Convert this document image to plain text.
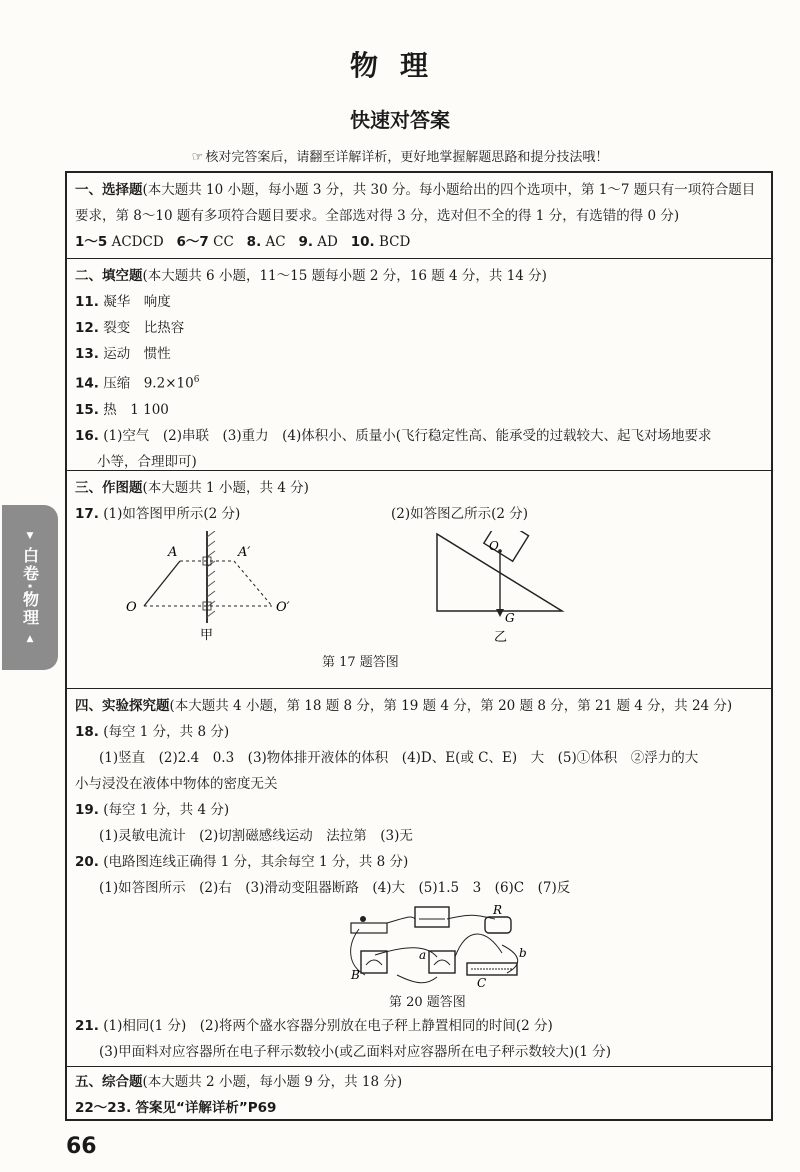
物理
快速对答案
☞ 核对完答案后，请翻至详解详析，更好地掌握解题思路和提分技法哦！
▼
白卷·物理
▲
一、选择题(本大题共 10 小题，每小题 3 分，共 30 分。每小题给出的四个选项中，第 1～7 题只有一项符合题目
要求，第 8～10 题有多项符合题目要求。全部选对得 3 分，选对但不全的得 1 分，有选错的得 0 分)
1～5 ACDCD 6～7 CC 8. AC 9. AD 10. BCD
二、填空题(本大题共 6 小题，11～15 题每小题 2 分，16 题 4 分，共 14 分)
11. 凝华　响度
12. 裂变　比热容
13. 运动　惯性
14. 压缩　$9.2\times 10^6$
15. 热　1 100
16. (1)空气　(2)串联　(3)重力　(4)体积小、质量小(飞行稳定性高、能承受的过载较大、起飞对场地要求
小等，合理即可)
三、作图题(本大题共 1 小题，共 4 分)
17. (1)如答图甲所示(2 分)	(2)如答图乙所示(2 分)
A	A′
O	O′
甲
O
G
乙
第 17 题答图
四、实验探究题(本大题共 4 小题，第 18 题 8 分，第 19 题 4 分，第 20 题 8 分，第 21 题 4 分，共 24 分)
18. (每空 1 分，共 8 分)
(1)竖直　(2)2.4　0.3　(3)物体排开液体的体积　(4)D、E(或 C、E)　大　(5)①体积　②浮力的大
小与浸没在液体中物体的密度无关
19. (每空 1 分，共 4 分)
(1)灵敏电流计　(2)切割磁感线运动　法拉第　(3)无
20. (电路图连线正确得 1 分，其余每空 1 分，共 8 分)
(1)如答图所示　(2)右　(3)滑动变阻器断路　(4)大　(5)1.5　3　(6)C　(7)反
R
a	b
B
C
第 20 题答图
21. (1)相同(1 分)　(2)将两个盛水容器分别放在电子秤上静置相同的时间(2 分)
(3)甲面料对应容器所在电子秤示数较小(或乙面料对应容器所在电子秤示数较大)(1 分)
五、综合题(本大题共 2 小题，每小题 9 分，共 18 分)
22～23. 答案见“详解详析”P69
66
